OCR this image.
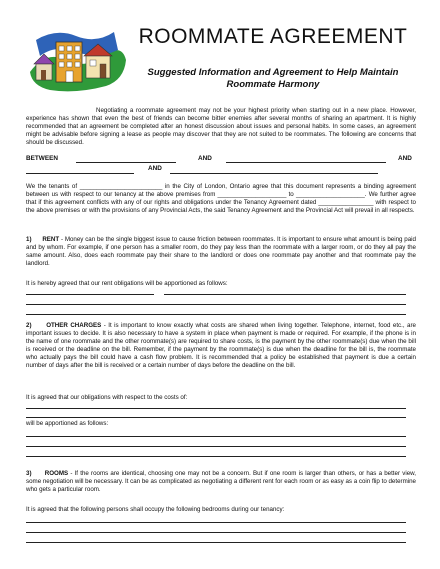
ROOMMATE AGREEMENT
Suggested Information and Agreement to Help Maintain
Roommate Harmony
Negotiating a roommate agreement may not be your highest priority when starting out in a new place. However, experience has shown that even the best of friends can become bitter enemies after several months of sharing an apartment. It is highly recommended that an agreement be completed after an honest discussion about issues and personal habits. In some cases, an agreement might be advisable before signing a lease as people may discover that they are not suited to be roommates. The following are concerns that should be discussed.
BETWEEN	AND	AND
AND
We the tenants of ________________________ in the City of London, Ontario agree that this document represents a binding agreement between us with respect to our tenancy at the above premises from ____________________ to ____________________. We further agree that if this agreement conflicts with any of our rights and obligations under the Tenancy Agreement dated ________________ with respect to the above premises or with the provisions of any Provincial Acts, the said Tenancy Agreement and the Provincial Act will prevail in all respects.
1) RENT - Money can be the single biggest issue to cause friction between roommates. It is important to ensure what amount is being paid and by whom. For example, if one person has a smaller room, do they pay less than the roommate with a larger room, or do they all pay the same amount. Also, does each roommate pay their share to the landlord or does one roommate pay another and that roommate pay the landlord.
It is hereby agreed that our rent obligations will be apportioned as follows:
2) OTHER CHARGES - It is important to know exactly what costs are shared when living together. Telephone, internet, food etc., are important issues to decide. It is also necessary to have a system in place when payment is made or required. For example, if the phone is in the name of one roommate and the other roommate(s) are required to share costs, is the payment by the other roommate(s) due when the bill is received or the deadline on the bill. Remember, if the payment by the roommate(s) is due when the deadline for the bill is, the roommate who actually pays the bill could have a cash flow problem. It is recommended that a policy be established that payment is due a certain number of days after the bill is received or a certain number of days before the deadline on the bill.
It is agreed that our obligations with respect to the costs of:
will be apportioned as follows:
3) ROOMS - If the rooms are identical, choosing one may not be a concern. But if one room is larger than others, or has a better view, some negotiation will be necessary. It can be as complicated as negotiating a different rent for each room or as easy as a coin flip to determine who gets a particular room.
It is agreed that the following persons shall occupy the following bedrooms during our tenancy:
